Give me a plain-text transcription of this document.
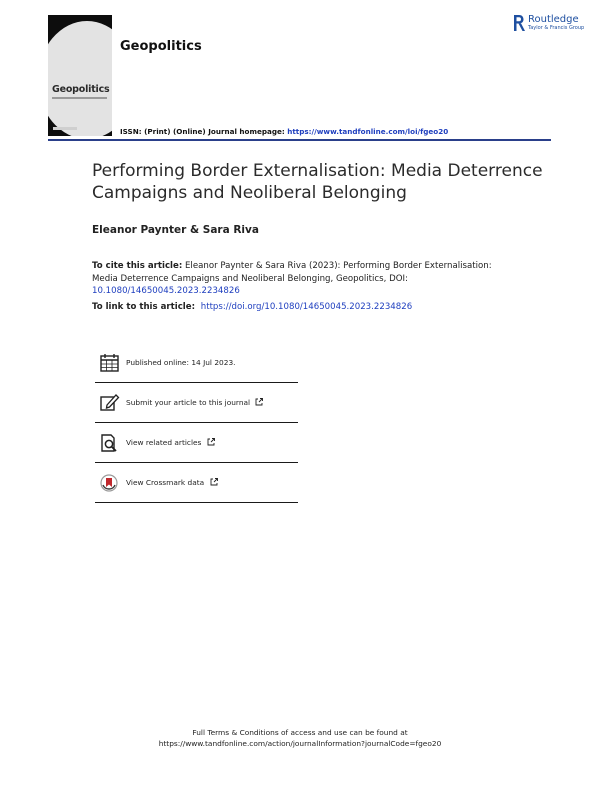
Geopolitics
Geopolitics
Routledge
Taylor & Francis Group
ISSN: (Print) (Online) Journal homepage: https://www.tandfonline.com/loi/fgeo20
Performing Border Externalisation: Media Deterrence Campaigns and Neoliberal Belonging
Eleanor Paynter & Sara Riva
To cite this article: Eleanor Paynter & Sara Riva (2023): Performing Border Externalisation: Media Deterrence Campaigns and Neoliberal Belonging, Geopolitics, DOI: 10.1080/14650045.2023.2234826
To link to this article: https://doi.org/10.1080/14650045.2023.2234826
Published online: 14 Jul 2023.
Submit your article to this journal
View related articles
View Crossmark data
Full Terms & Conditions of access and use can be found at
https://www.tandfonline.com/action/journalInformation?journalCode=fgeo20
